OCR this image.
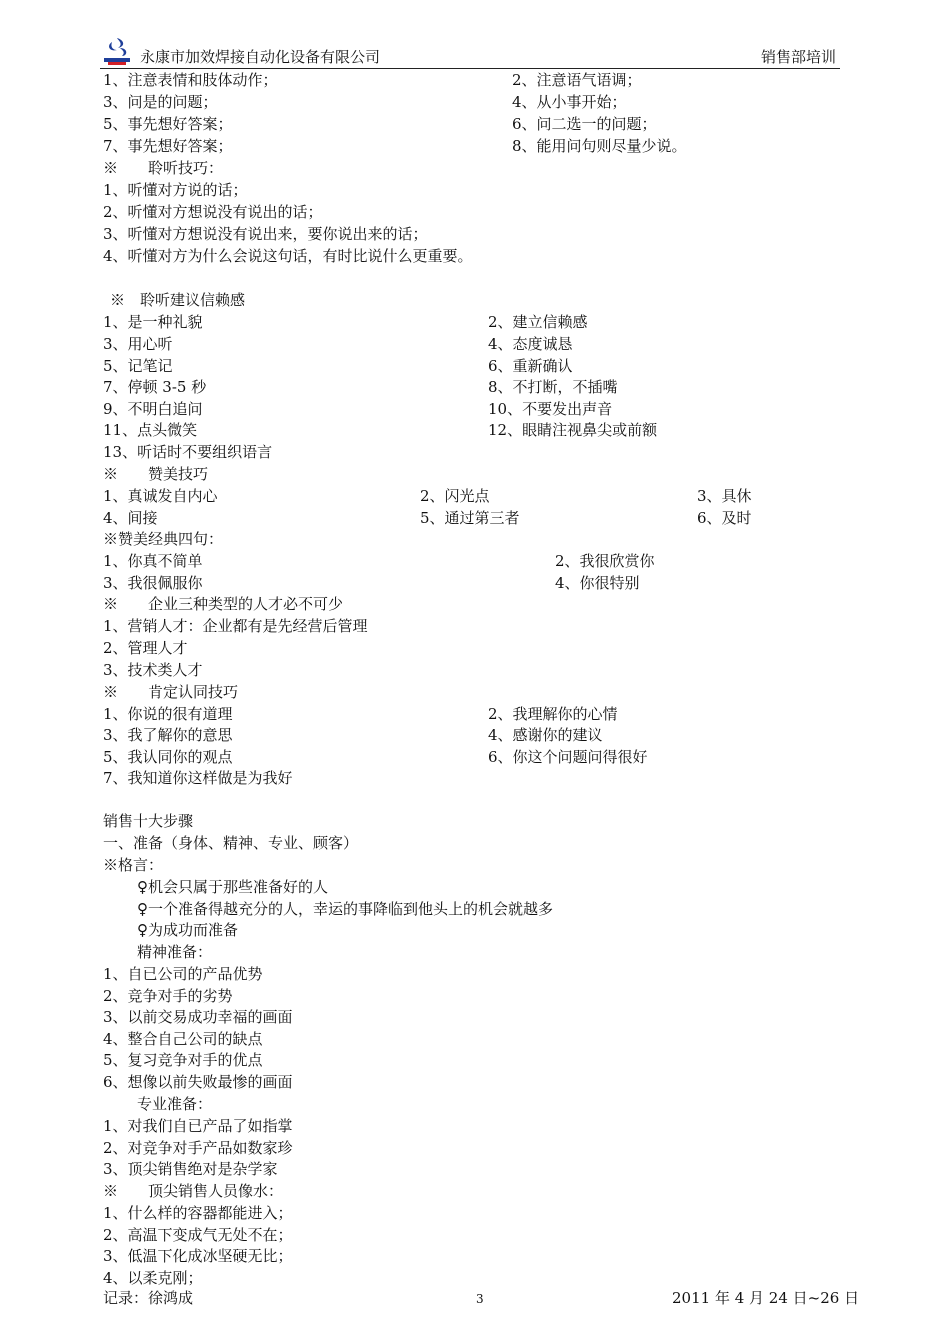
永康市加效焊接自动化设备有限公司	销售部培训
1、注意表情和肢体动作；	2、注意语气语调；
3、问是的问题；	4、从小事开始；
5、事先想好答案；	6、问二选一的问题；
7、事先想好答案；	8、能用问句则尽量少说。
※　　聆听技巧：
1、听懂对方说的话；
2、听懂对方想说没有说出的话；
3、听懂对方想说没有说出来，要你说出来的话；
4、听懂对方为什么会说这句话，有时比说什么更重要。
※　聆听建议信赖感
1、是一种礼貌	2、建立信赖感
3、用心听	4、态度诚恳
5、记笔记	6、重新确认
7、停顿 3-5 秒	8、不打断，不插嘴
9、不明白追问	10、不要发出声音
11、点头微笑	12、眼睛注视鼻尖或前额
13、听话时不要组织语言
※　　赞美技巧
1、真诚发自内心	2、闪光点	3、具休
4、间接	5、通过第三者	6、及时
※赞美经典四句：
1、你真不简单	2、我很欣赏你
3、我很佩服你	4、你很特别
※　　企业三种类型的人才必不可少
1、营销人才：企业都有是先经营后管理
2、管理人才
3、技术类人才
※　　肯定认同技巧
1、你说的很有道理	2、我理解你的心情
3、我了解你的意思	4、感谢你的建议
5、我认同你的观点	6、你这个问题问得很好
7、我知道你这样做是为我好
销售十大步骤
一、准备（身体、精神、专业、顾客）
※格言：
♀机会只属于那些准备好的人
♀一个准备得越充分的人，幸运的事降临到他头上的机会就越多
♀为成功而准备
精神准备：
1、自已公司的产品优势
2、竞争对手的劣势
3、以前交易成功幸福的画面
4、整合自己公司的缺点
5、复习竞争对手的优点
6、想像以前失败最惨的画面
专业准备：
1、对我们自已产品了如指掌
2、对竞争对手产品如数家珍
3、顶尖销售绝对是杂学家
※　　顶尖销售人员像水：
1、什么样的容器都能进入；
2、高温下变成气无处不在；
3、低温下化成冰坚硬无比；
4、以柔克刚；
记录：徐鸿成	3	2011 年 4 月 24 日~26 日
